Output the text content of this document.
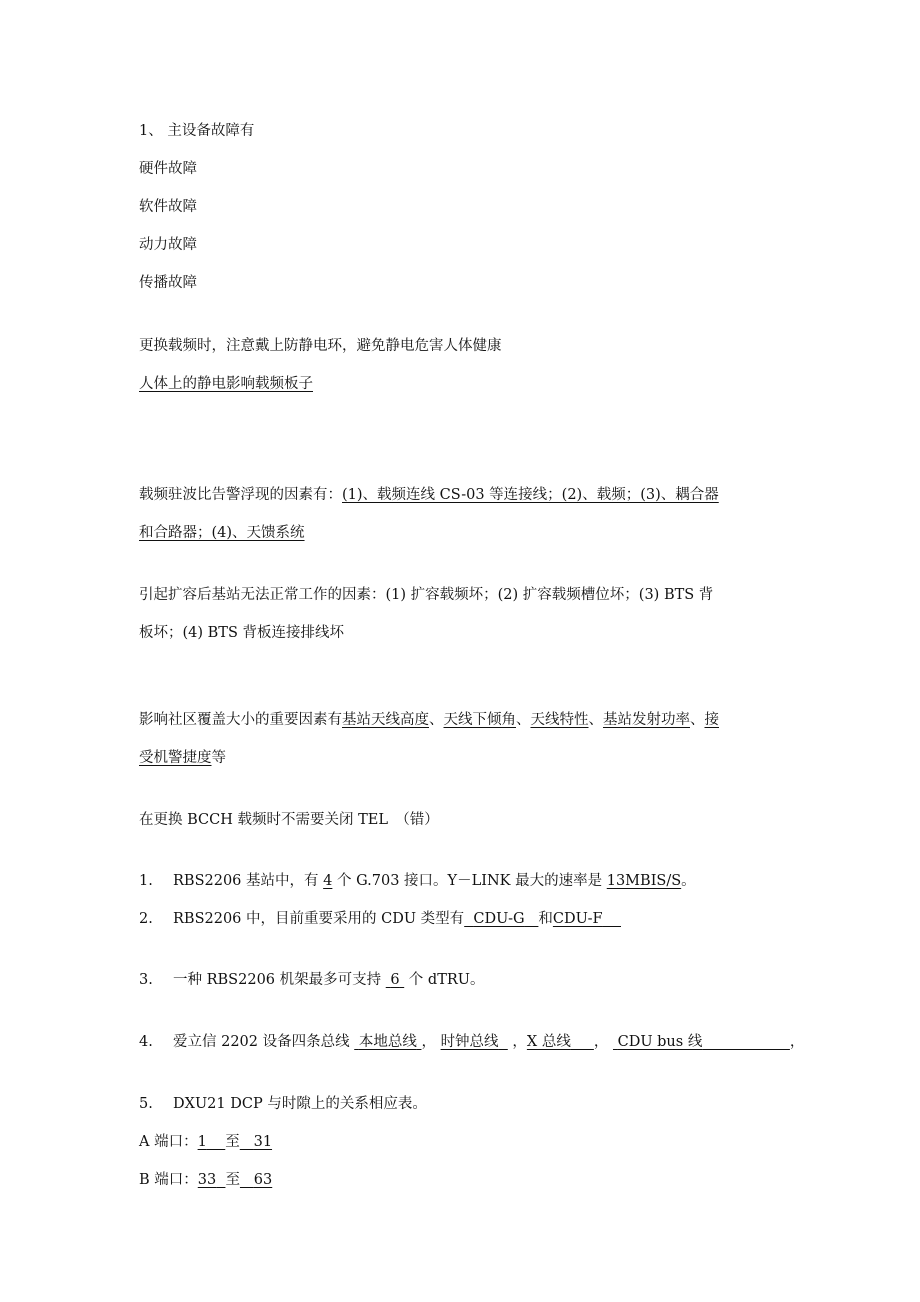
1、 主设备故障有
硬件故障
软件故障
动力故障
传播故障
更换载频时，注意戴上防静电环，避免静电危害人体健康
人体上的静电影响载频板子
载频驻波比告警浮现的因素有：(1)、载频连线 CS-03 等连接线；(2)、载频；(3)、耦合器
和合路器；(4)、天馈系统
引起扩容后基站无法正常工作的因素：(1) 扩容载频坏；(2) 扩容载频槽位坏；(3) BTS 背
板坏；(4) BTS 背板连接排线坏
影响社区覆盖大小的重要因素有基站天线高度、天线下倾角、天线特性、基站发射功率、接
受机警捷度等
在更换 BCCH 载频时不需要关闭 TEL　（错）
1. RBS2206 基站中，有 4 个 G.703 接口。Y－LINK 最大的速率是 13MBIS/S。
2. RBS2206 中，目前重要采用的 CDU 类型有 CDU-G 和CDU-F
3. 一种 RBS2206 机架最多可支持  6  个 dTRU。
4. 爱立信 2202 设备四条总线  本地总线 ， 时钟总线   ，X 总线 ，  CDU bus 线	，
5. DXU21 DCP 与时隙上的关系相应表。
A 端口：1 至 31
B 端口：33 至 63
